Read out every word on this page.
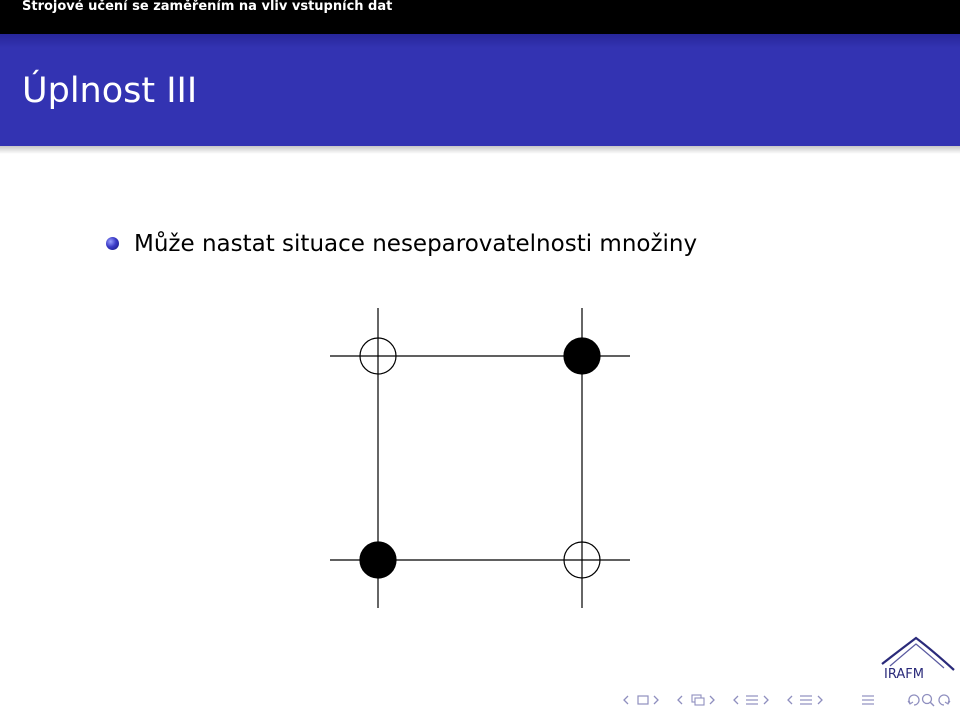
Strojové učení se zaměřením na vliv vstupních dat
Úplnost III
Může nastat situace neseparovatelnosti množiny
IRAFM
